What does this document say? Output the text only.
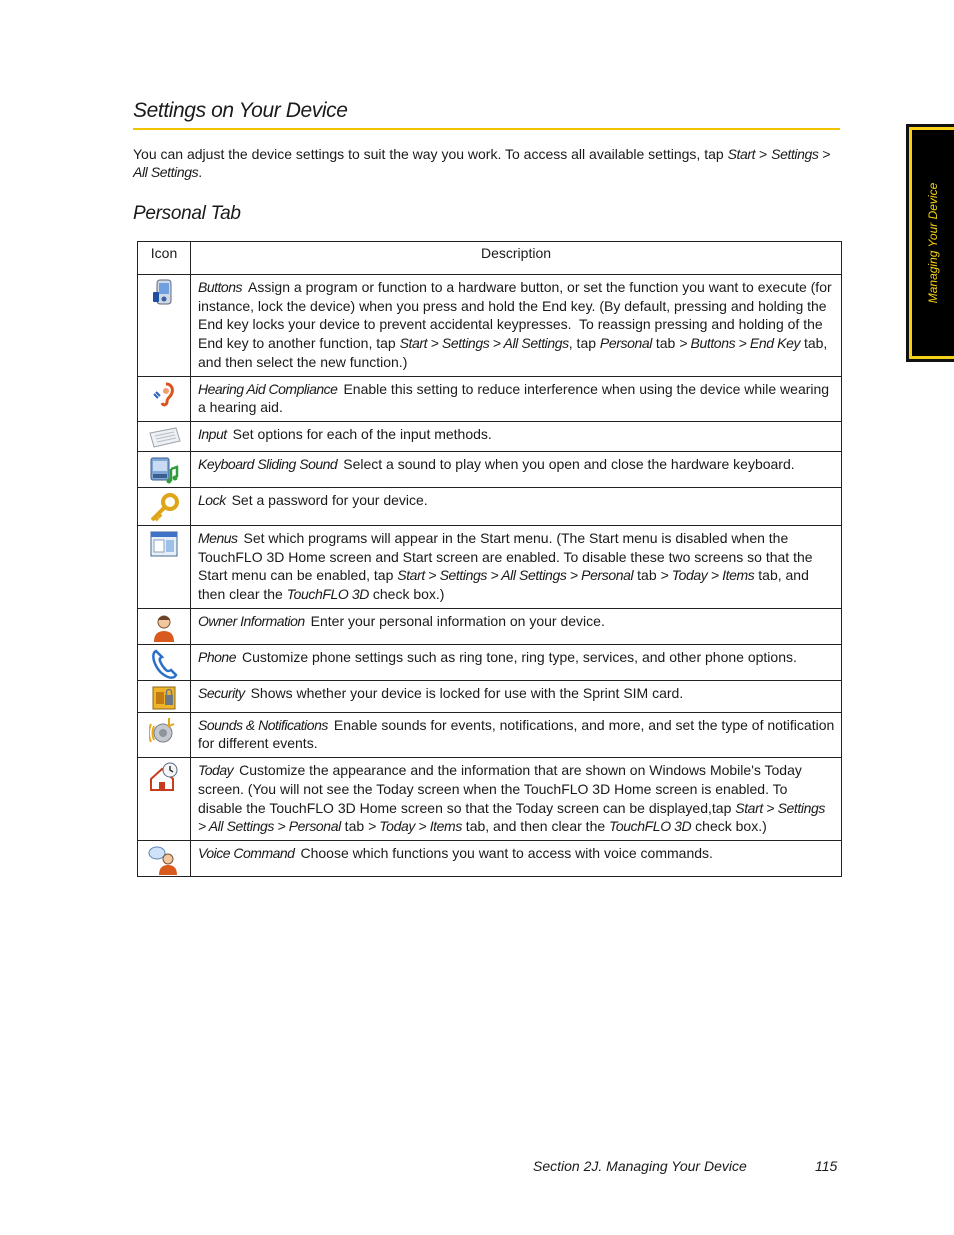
Settings on Your Device
You can adjust the device settings to suit the way you work. To access all available settings, tap Start > Settings > All Settings.
Personal Tab	Managing Your Device
Icon	Description

	Buttons Assign a program or function to a hardware button, or set the function you want to execute (for instance, lock the device) when you press and hold the End key. (By default, pressing and holding the End key locks your device to prevent accidental keypresses.  To reassign pressing and holding of the End key to another function, tap Start > Settings > All Settings, tap Personal tab > Buttons > End Key tab, and then select the new function.)

	Hearing Aid Compliance Enable this setting to reduce interference when using the device while wearing a hearing aid.

	Input Set options for each of the input methods.

	Keyboard Sliding Sound Select a sound to play when you open and close the hardware keyboard.

	Lock Set a password for your device.

	Menus Set which programs will appear in the Start menu. (The Start menu is disabled when the TouchFLO 3D Home screen and Start screen are enabled. To disable these two screens so that the Start menu can be enabled, tap Start > Settings > All Settings > Personal tab > Today > Items tab, and then clear the TouchFLO 3D check box.)

	Owner Information Enter your personal information on your device.

	Phone Customize phone settings such as ring tone, ring type, services, and other phone options.

	Security Shows whether your device is locked for use with the Sprint SIM card.

	Sounds & Notifications Enable sounds for events, notifications, and more, and set the type of notification for different events.

	Today Customize the appearance and the information that are shown on Windows Mobile's Today screen. (You will not see the Today screen when the TouchFLO 3D Home screen is enabled. To disable the TouchFLO 3D Home screen so that the Today screen can be displayed,tap Start > Settings > All Settings > Personal tab > Today > Items tab, and then clear the TouchFLO 3D check box.)

	Voice Command Choose which functions you want to access with voice commands.
Section 2J. Managing Your Device	115
